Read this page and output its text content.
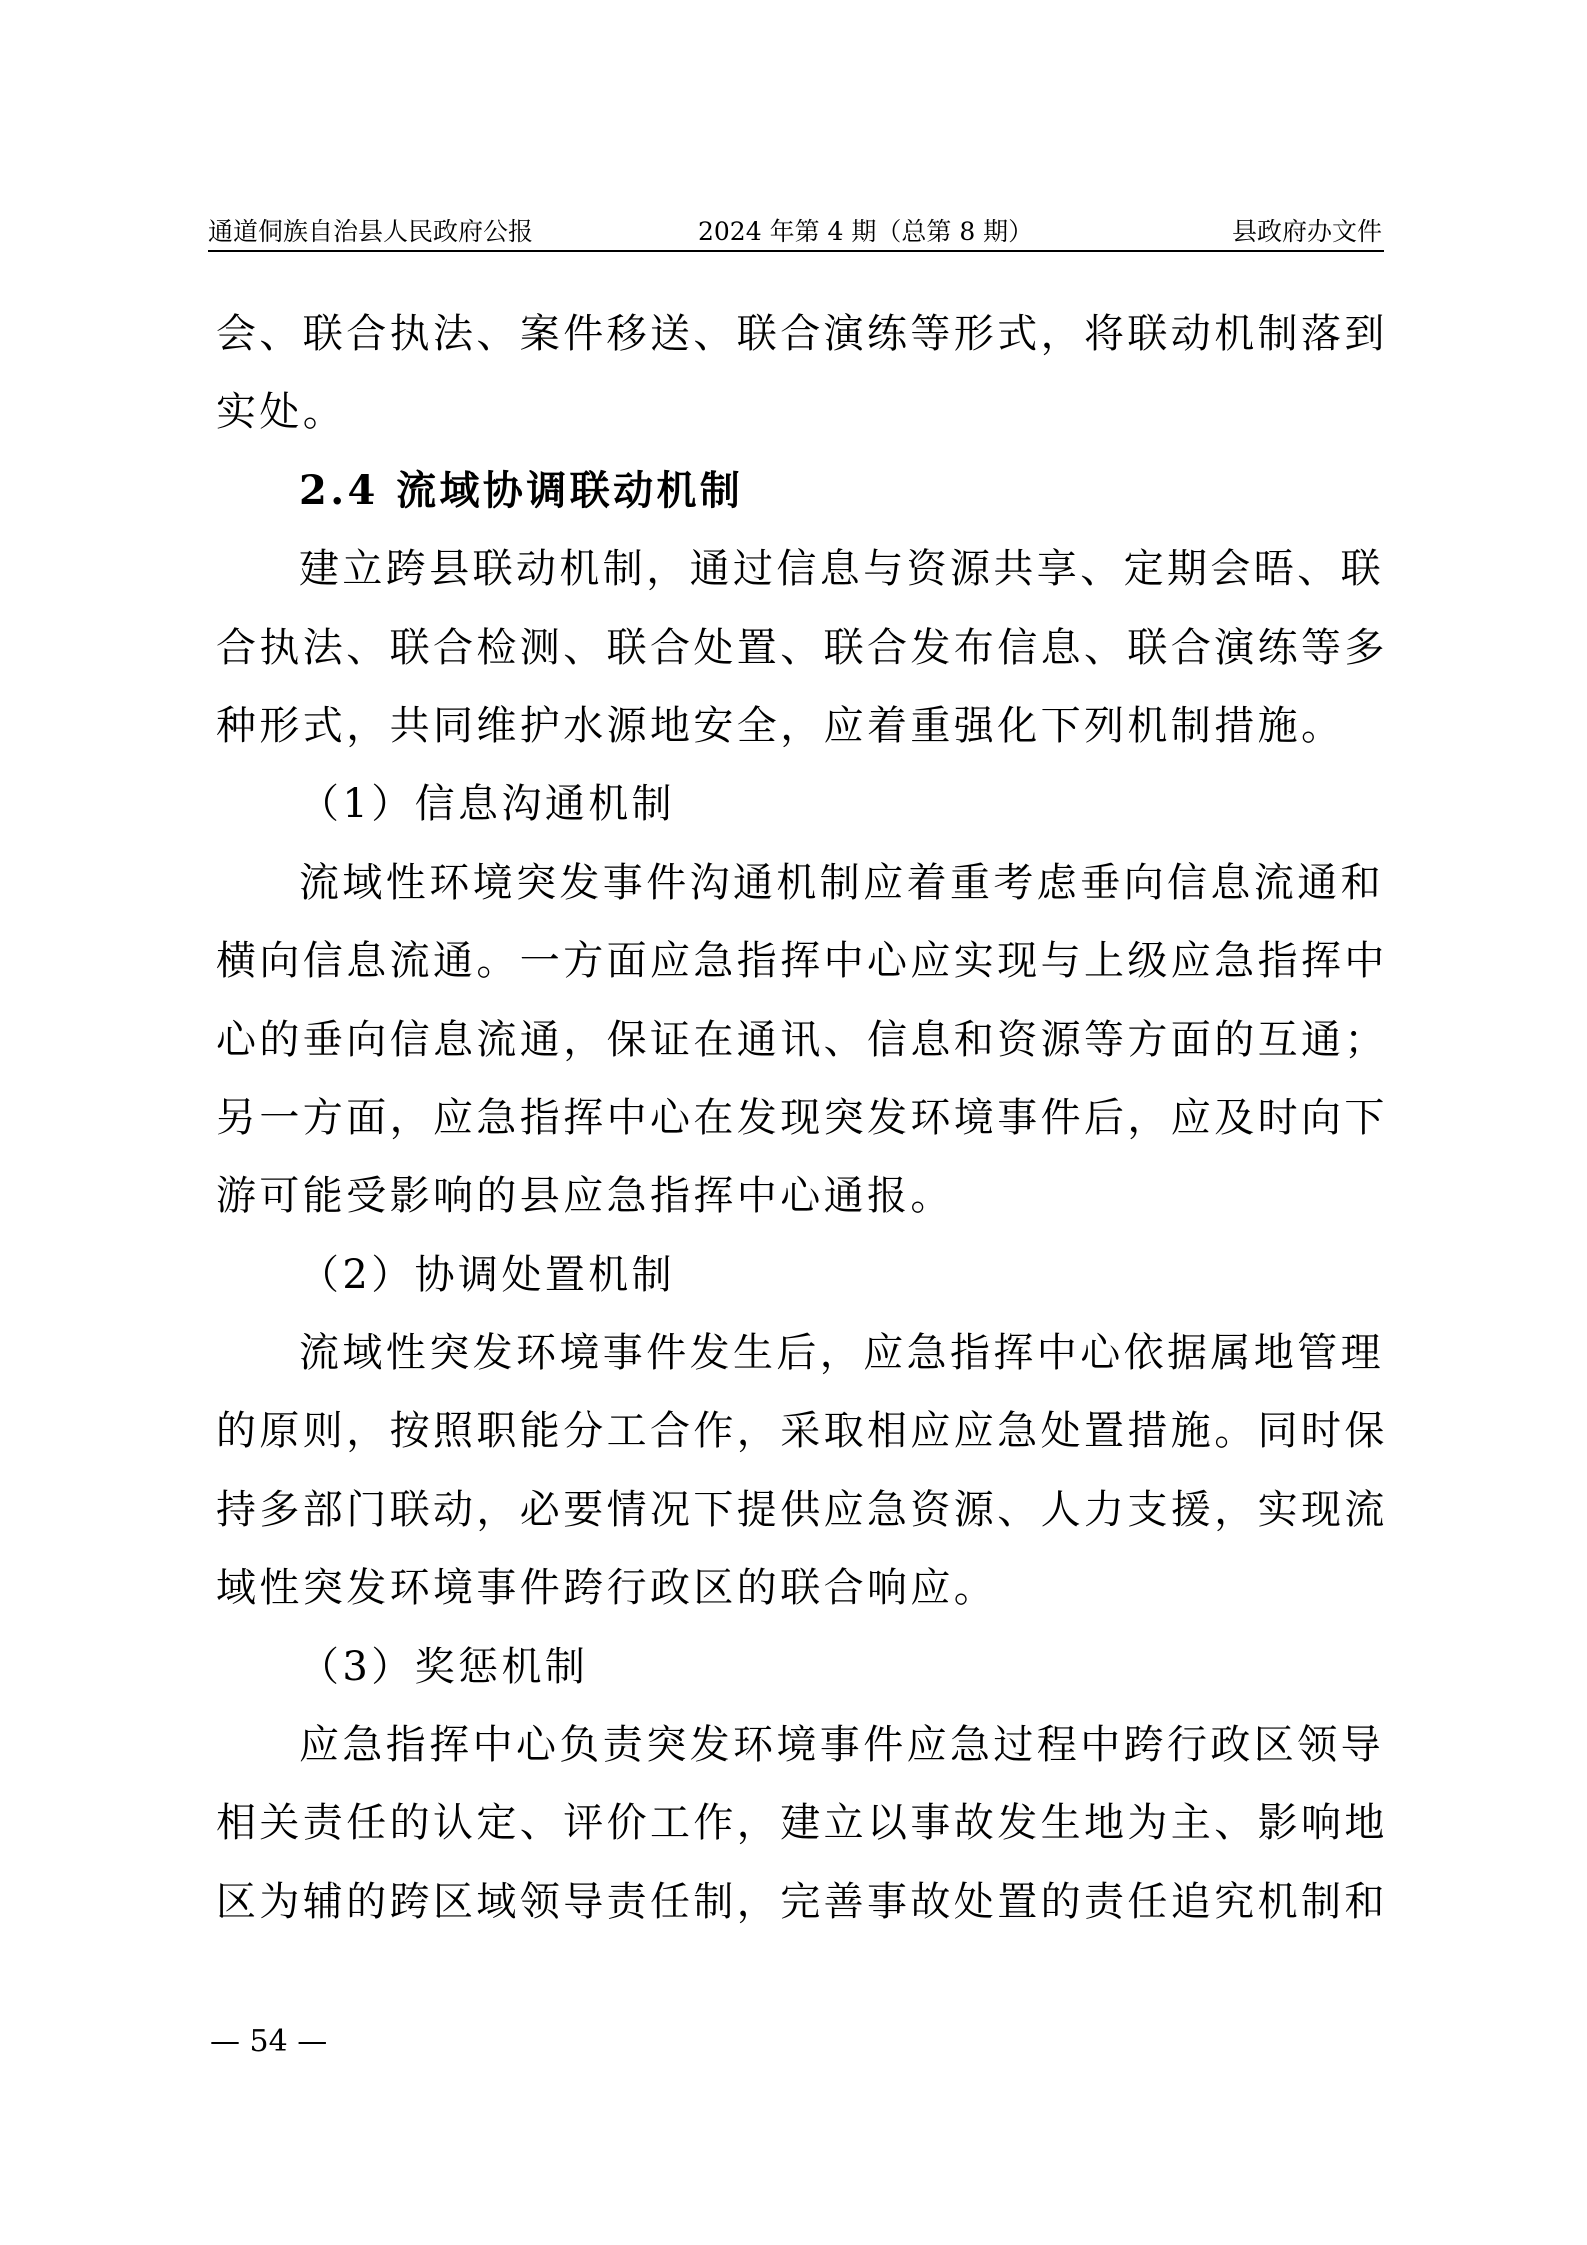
通道侗族自治县人民政府公报	2024 年第 4 期（总第 8 期）	县政府办文件
会、联合执法、案件移送、联合演练等形式，将联动机制落到
实处。
2.4 流域协调联动机制
建立跨县联动机制，通过信息与资源共享、定期会晤、联
合执法、联合检测、联合处置、联合发布信息、联合演练等多
种形式，共同维护水源地安全，应着重强化下列机制措施。
（1）信息沟通机制
流域性环境突发事件沟通机制应着重考虑垂向信息流通和
横向信息流通。一方面应急指挥中心应实现与上级应急指挥中
心的垂向信息流通，保证在通讯、信息和资源等方面的互通；
另一方面，应急指挥中心在发现突发环境事件后，应及时向下
游可能受影响的县应急指挥中心通报。
（2）协调处置机制
流域性突发环境事件发生后，应急指挥中心依据属地管理
的原则，按照职能分工合作，采取相应应急处置措施。同时保
持多部门联动，必要情况下提供应急资源、人力支援，实现流
域性突发环境事件跨行政区的联合响应。
（3）奖惩机制
应急指挥中心负责突发环境事件应急过程中跨行政区领导
相关责任的认定、评价工作，建立以事故发生地为主、影响地
区为辅的跨区域领导责任制，完善事故处置的责任追究机制和
— 54 —
